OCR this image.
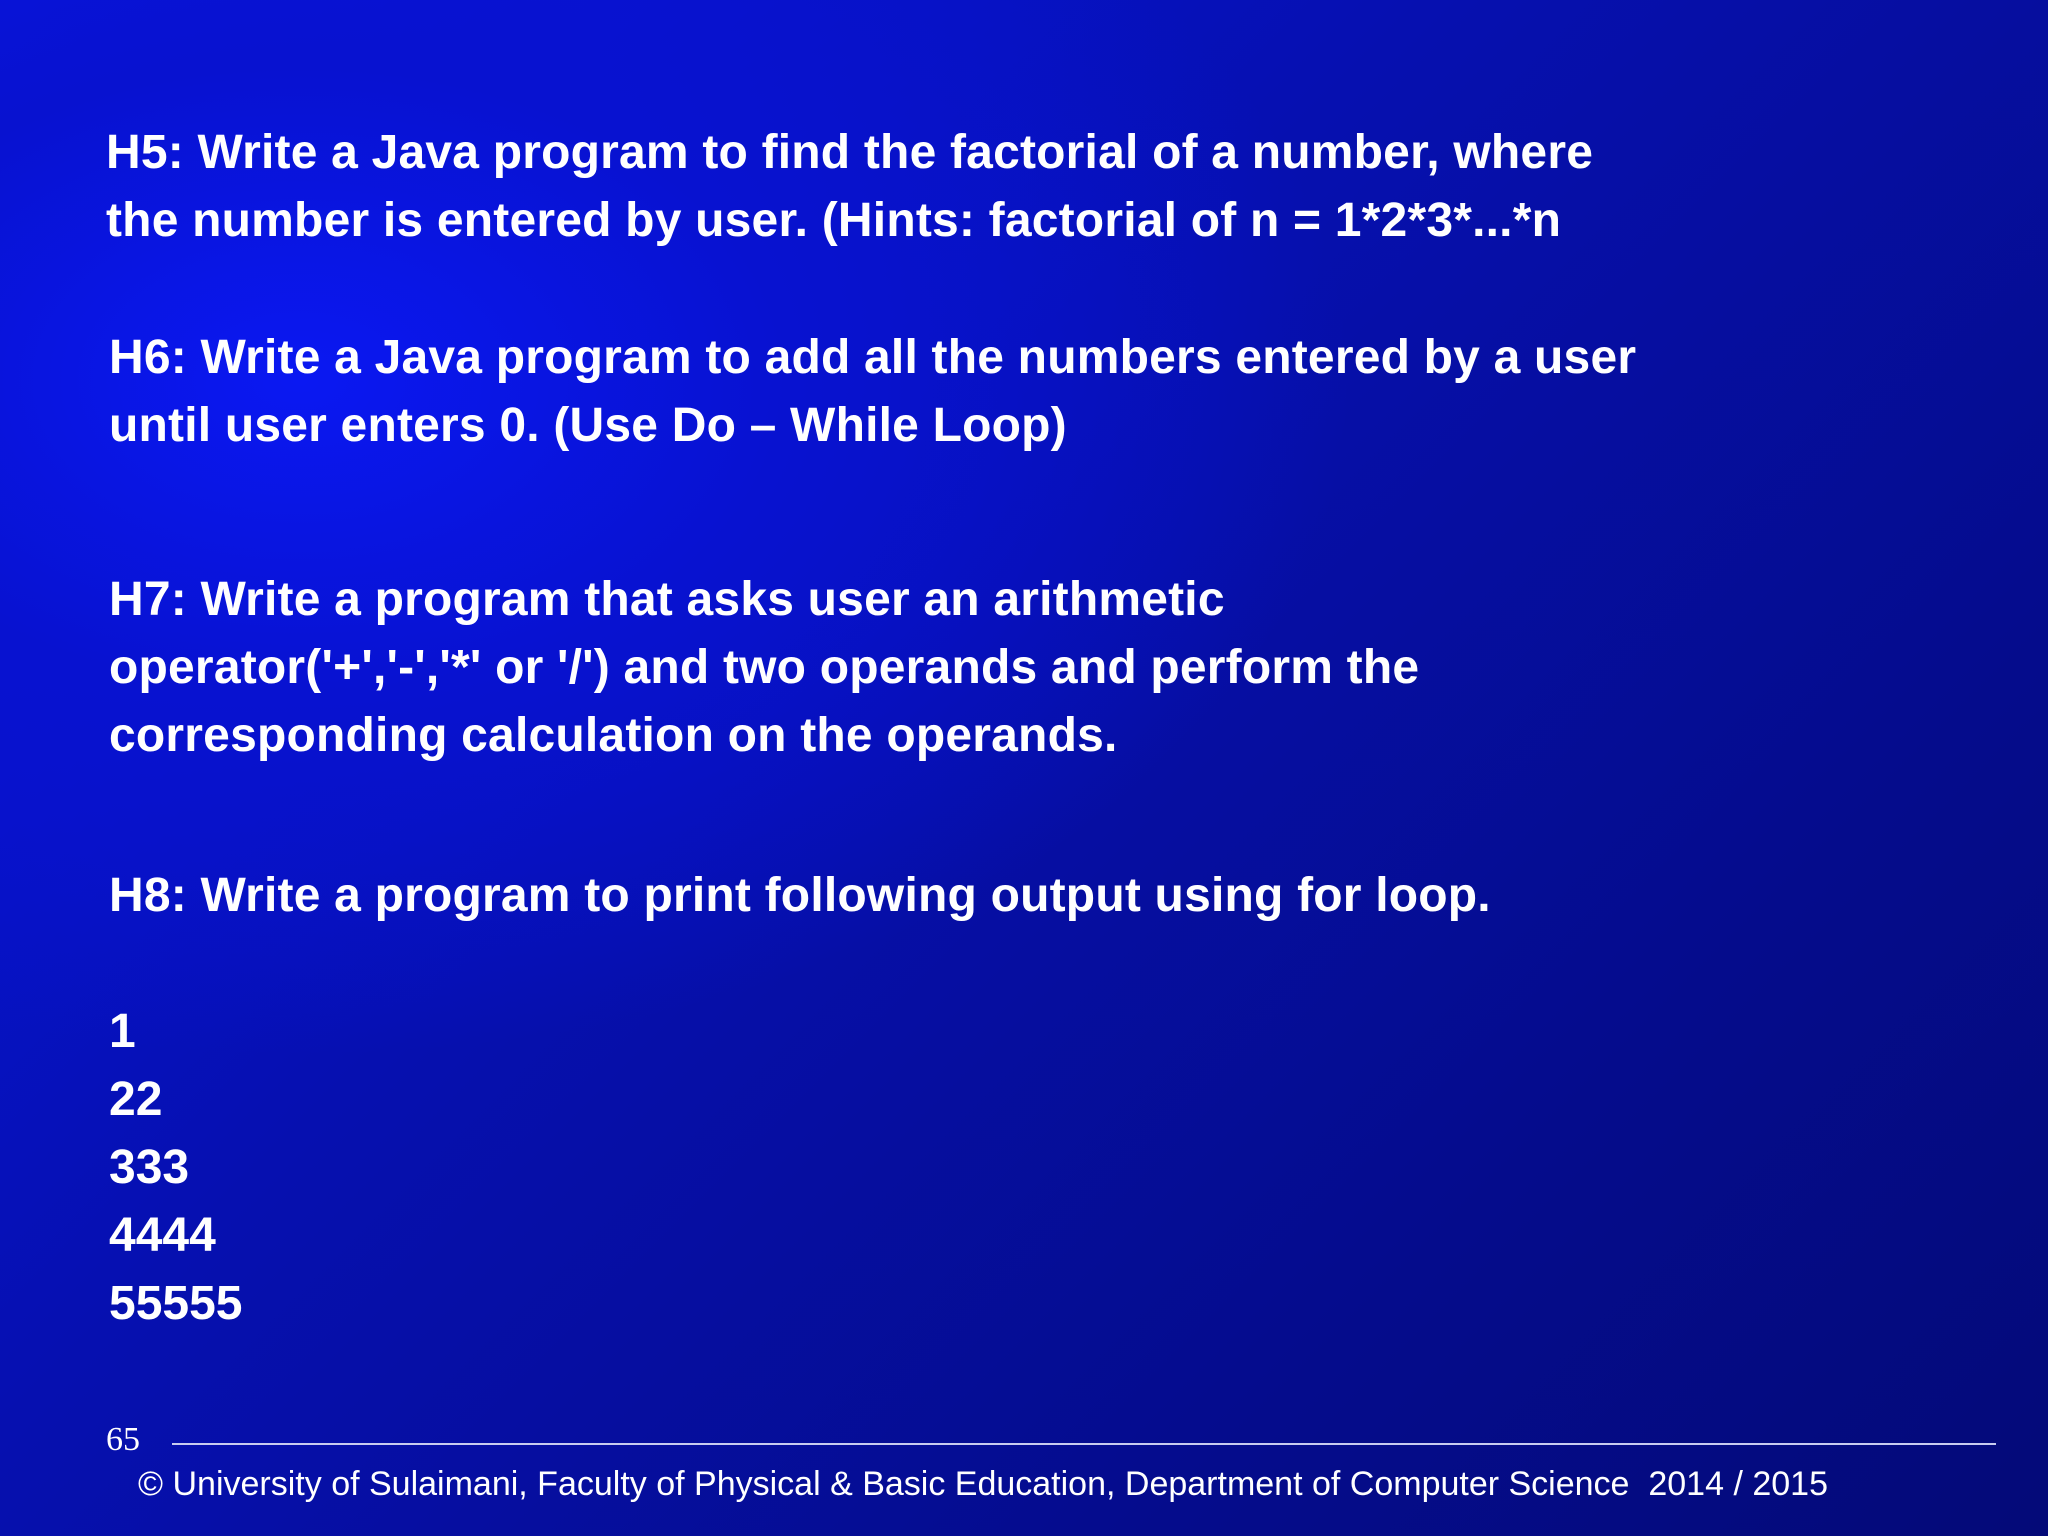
H5: Write a Java program to find the factorial of a number, where
the number is entered by user. (Hints: factorial of n = 1*2*3*...*n
H6: Write a Java program to add all the numbers entered by a user
until user enters 0. (Use Do – While Loop)
H7: Write a program that asks user an arithmetic
operator('+','-','*' or '/') and two operands and perform the
corresponding calculation on the operands.
H8: Write a program to print following output using for loop.
1
22
333
4444
55555
65
© University of Sulaimani, Faculty of Physical & Basic Education, Department of Computer Science  2014 / 2015
